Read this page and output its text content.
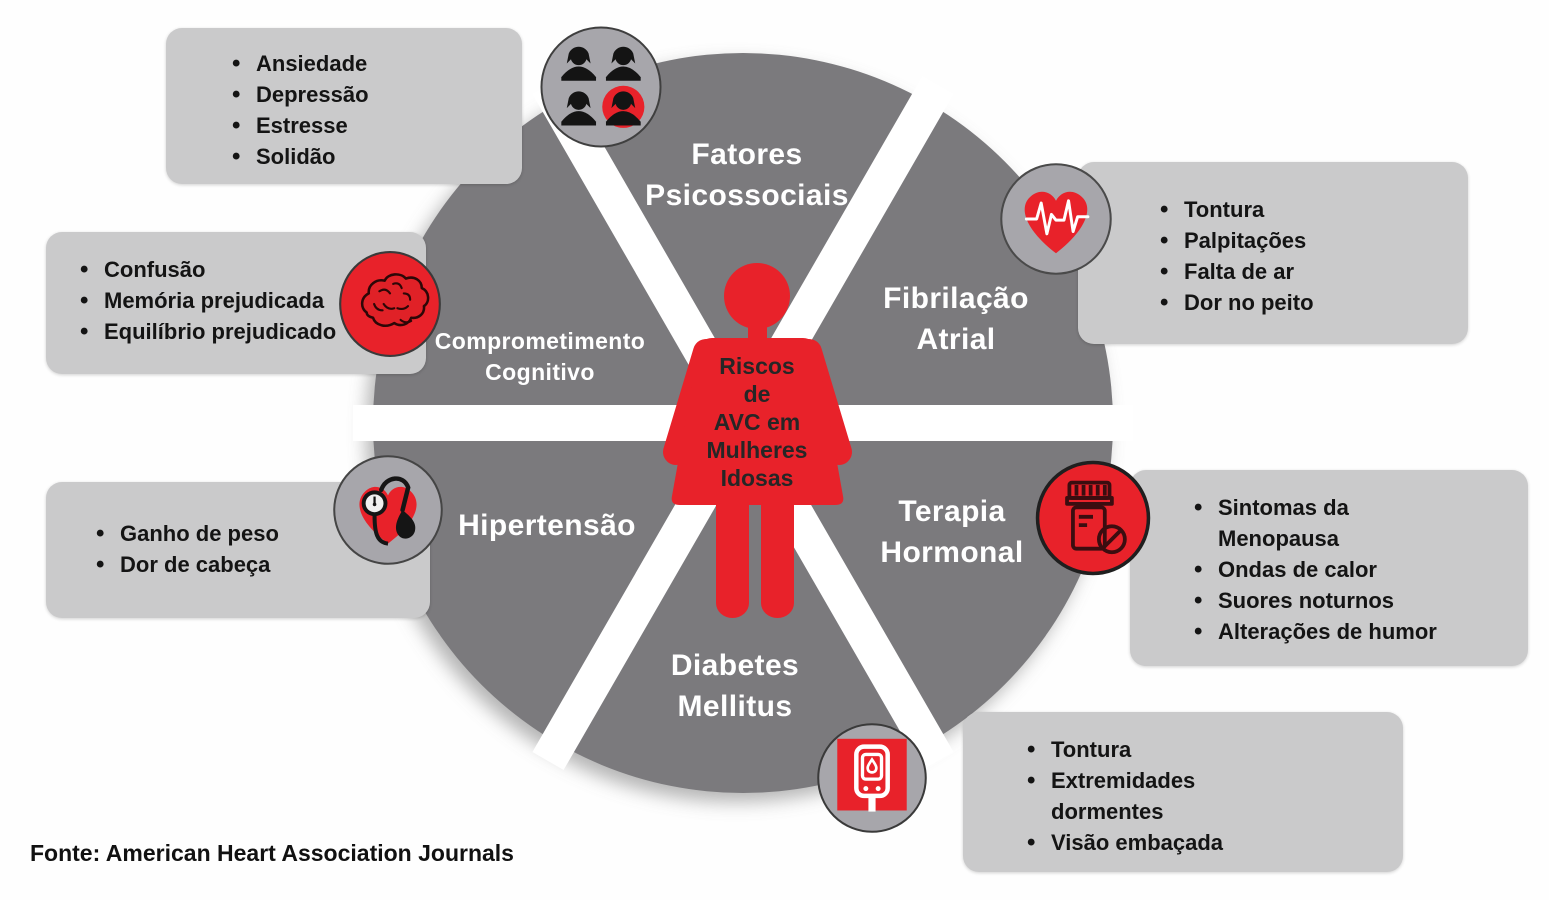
Riscos
de
AVC em
Mulheres
Idosas
• Ansiedade
• Depressão
• Estresse
• Solidão
• Confusão
• Memória prejudicada
• Equilíbrio prejudicado
• Tontura
• Palpitações
• Falta de ar
• Dor no peito
• Ganho de peso
• Dor de cabeça
• Sintomas da Menopausa
• Ondas de calor
• Suores noturnos
• Alterações de humor
• Tontura
• Extremidades dormentes
• Visão embaçada
Fatores
Psicossociais
Fibrilação
Atrial
Comprometimento
Cognitivo
Hipertensão	Terapia
Hormonal
Diabetes
Mellitus
Fonte: American Heart Association Journals
